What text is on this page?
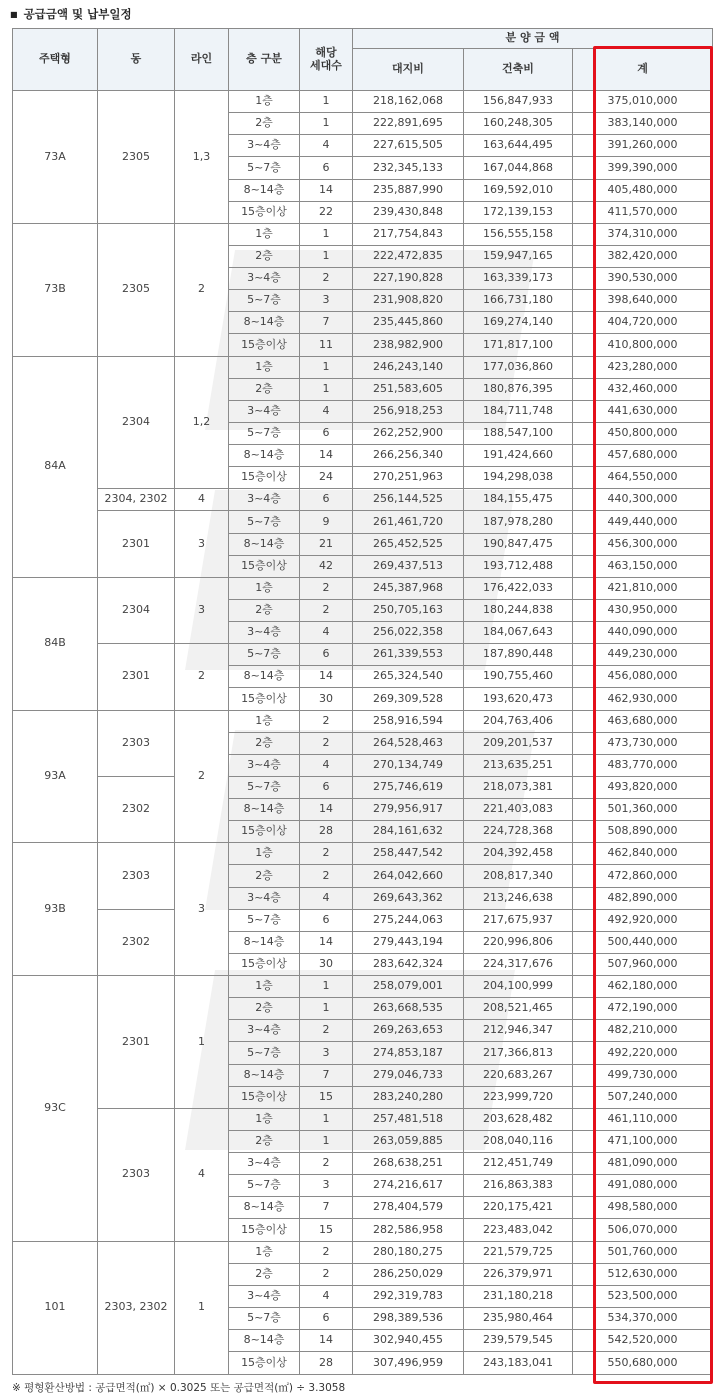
■ 공급금액 및 납부일정
주택형	동	라인	층 구분	해당
세대수	분 양 금 액		
					대지비	건축비	계
73A	2305	1,3	1층	1	218,162,068	156,847,933	375,010,000
			2층	1	222,891,695	160,248,305	383,140,000
			3~4층	4	227,615,505	163,644,495	391,260,000
			5~7층	6	232,345,133	167,044,868	399,390,000
			8~14층	14	235,887,990	169,592,010	405,480,000
			15층이상	22	239,430,848	172,139,153	411,570,000
73B	2305	2	1층	1	217,754,843	156,555,158	374,310,000
			2층	1	222,472,835	159,947,165	382,420,000
			3~4층	2	227,190,828	163,339,173	390,530,000
			5~7층	3	231,908,820	166,731,180	398,640,000
			8~14층	7	235,445,860	169,274,140	404,720,000
			15층이상	11	238,982,900	171,817,100	410,800,000
84A	2304	1,2	1층	1	246,243,140	177,036,860	423,280,000
			2층	1	251,583,605	180,876,395	432,460,000
			3~4층	4	256,918,253	184,711,748	441,630,000
			5~7층	6	262,252,900	188,547,100	450,800,000
			8~14층	14	266,256,340	191,424,660	457,680,000
			15층이상	24	270,251,963	194,298,038	464,550,000
	2304, 2302	4	3~4층	6	256,144,525	184,155,475	440,300,000
	2301	3	5~7층	9	261,461,720	187,978,280	449,440,000
			8~14층	21	265,452,525	190,847,475	456,300,000
			15층이상	42	269,437,513	193,712,488	463,150,000
84B	2304	3	1층	2	245,387,968	176,422,033	421,810,000
			2층	2	250,705,163	180,244,838	430,950,000
			3~4층	4	256,022,358	184,067,643	440,090,000
	2301	2	5~7층	6	261,339,553	187,890,448	449,230,000
			8~14층	14	265,324,540	190,755,460	456,080,000
			15층이상	30	269,309,528	193,620,473	462,930,000
93A	2303	2	1층	2	258,916,594	204,763,406	463,680,000
			2층	2	264,528,463	209,201,537	473,730,000
			3~4층	4	270,134,749	213,635,251	483,770,000
	2302		5~7층	6	275,746,619	218,073,381	493,820,000
			8~14층	14	279,956,917	221,403,083	501,360,000
			15층이상	28	284,161,632	224,728,368	508,890,000
93B	2303	3	1층	2	258,447,542	204,392,458	462,840,000
			2층	2	264,042,660	208,817,340	472,860,000
			3~4층	4	269,643,362	213,246,638	482,890,000
	2302		5~7층	6	275,244,063	217,675,937	492,920,000
			8~14층	14	279,443,194	220,996,806	500,440,000
			15층이상	30	283,642,324	224,317,676	507,960,000
93C	2301	1	1층	1	258,079,001	204,100,999	462,180,000
			2층	1	263,668,535	208,521,465	472,190,000
			3~4층	2	269,263,653	212,946,347	482,210,000
			5~7층	3	274,853,187	217,366,813	492,220,000
			8~14층	7	279,046,733	220,683,267	499,730,000
			15층이상	15	283,240,280	223,999,720	507,240,000
	2303	4	1층	1	257,481,518	203,628,482	461,110,000
			2층	1	263,059,885	208,040,116	471,100,000
			3~4층	2	268,638,251	212,451,749	481,090,000
			5~7층	3	274,216,617	216,863,383	491,080,000
			8~14층	7	278,404,579	220,175,421	498,580,000
			15층이상	15	282,586,958	223,483,042	506,070,000
101	2303, 2302	1	1층	2	280,180,275	221,579,725	501,760,000
			2층	2	286,250,029	226,379,971	512,630,000
			3~4층	4	292,319,783	231,180,218	523,500,000
			5~7층	6	298,389,536	235,980,464	534,370,000
			8~14층	14	302,940,455	239,579,545	542,520,000
			15층이상	28	307,496,959	243,183,041	550,680,000
※ 평형환산방법 : 공급면적(㎡) × 0.3025 또는 공급면적(㎡) ÷ 3.3058
